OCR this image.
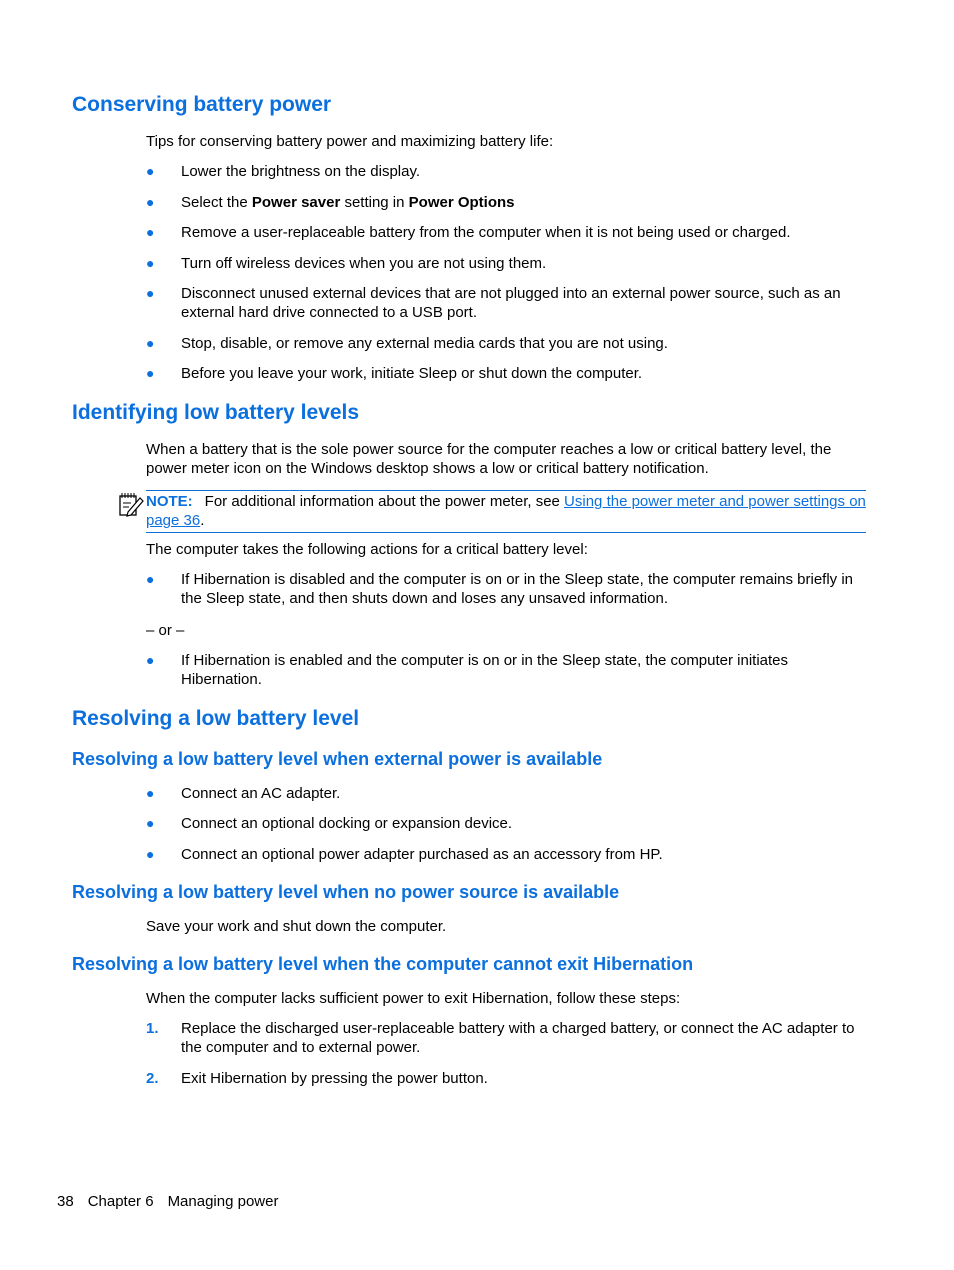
Conserving battery power

Tips for conserving battery power and maximizing battery life:

● Lower the brightness on the display.
● Select the Power saver setting in Power Options
● Remove a user-replaceable battery from the computer when it is not being used or charged.
● Turn off wireless devices when you are not using them.
● Disconnect unused external devices that are not plugged into an external power source, such as an external hard drive connected to a USB port.
● Stop, disable, or remove any external media cards that you are not using.
● Before you leave your work, initiate Sleep or shut down the computer.
Identifying low battery levels

When a battery that is the sole power source for the computer reaches a low or critical battery level, the power meter icon on the Windows desktop shows a low or critical battery notification.

NOTE: For additional information about the power meter, see Using the power meter and power settings on page 36.

The computer takes the following actions for a critical battery level:

● If Hibernation is disabled and the computer is on or in the Sleep state, the computer remains briefly in the Sleep state, and then shuts down and loses any unsaved information.

– or –

● If Hibernation is enabled and the computer is on or in the Sleep state, the computer initiates Hibernation.
Resolving a low battery level
Resolving a low battery level when external power is available
● Connect an AC adapter.
● Connect an optional docking or expansion device.
● Connect an optional power adapter purchased as an accessory from HP.
Resolving a low battery level when no power source is available

Save your work and shut down the computer.

Resolving a low battery level when the computer cannot exit Hibernation

When the computer lacks sufficient power to exit Hibernation, follow these steps:

1. Replace the discharged user-replaceable battery with a charged battery, or connect the AC adapter to the computer and to external power.
2. Exit Hibernation by pressing the power button.
38 Chapter 6 Managing power
